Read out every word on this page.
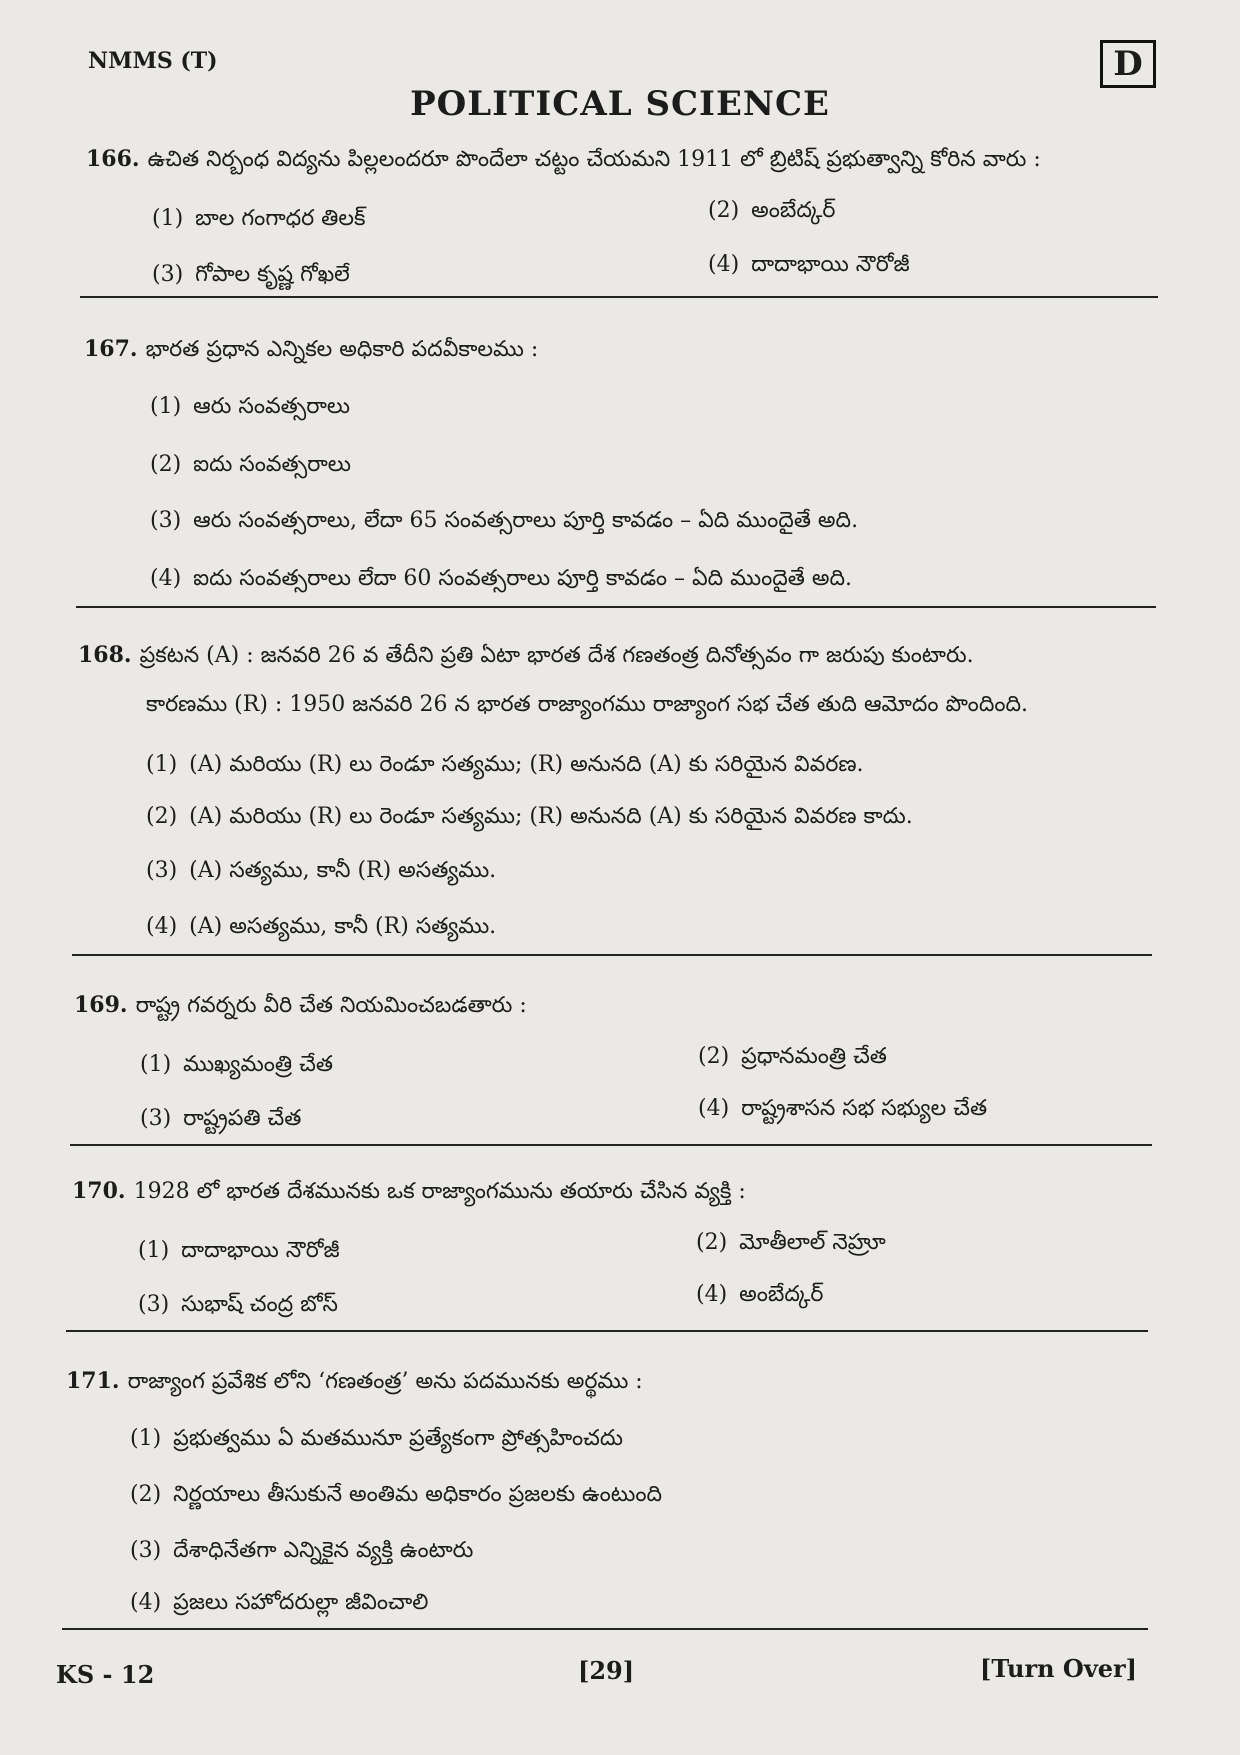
NMMS (T)	D
POLITICAL SCIENCE
166. ఉచిత నిర్బంధ విద్యను పిల్లలందరూ పొందేలా చట్టం చేయమని 1911 లో బ్రిటిష్ ప్రభుత్వాన్ని కోరిన వారు :
(1) బాల గంగాధర తిలక్	(2) అంబేద్కర్
(3) గోపాల కృష్ణ గోఖలే	(4) దాదాభాయి నౌరోజీ
167. భారత ప్రధాన ఎన్నికల అధికారి పదవీకాలము :
(1) ఆరు సంవత్సరాలు
(2) ఐదు సంవత్సరాలు
(3) ఆరు సంవత్సరాలు, లేదా 65 సంవత్సరాలు పూర్తి కావడం – ఏది ముందైతే అది.
(4) ఐదు సంవత్సరాలు లేదా 60 సంవత్సరాలు పూర్తి కావడం – ఏది ముందైతే అది.
168. ప్రకటన (A) : జనవరి 26 వ తేదీని ప్రతి ఏటా భారత దేశ గణతంత్ర దినోత్సవం గా జరుపు కుంటారు.
కారణము (R) : 1950 జనవరి 26 న భారత రాజ్యాంగము రాజ్యాంగ సభ చేత తుది ఆమోదం పొందింది.
(1) (A) మరియు (R) లు రెండూ సత్యము; (R) అనునది (A) కు సరియైన వివరణ.
(2) (A) మరియు (R) లు రెండూ సత్యము; (R) అనునది (A) కు సరియైన వివరణ కాదు.
(3) (A) సత్యము, కానీ (R) అసత్యము.
(4) (A) అసత్యము, కానీ (R) సత్యము.
169. రాష్ట్ర గవర్నరు వీరి చేత నియమించబడతారు :
(1) ముఖ్యమంత్రి చేత	(2) ప్రధానమంత్రి చేత
(3) రాష్ట్రపతి చేత	(4) రాష్ట్రశాసన సభ సభ్యుల చేత
170. 1928 లో భారత దేశమునకు ఒక రాజ్యాంగమును తయారు చేసిన వ్యక్తి :
(1) దాదాభాయి నౌరోజీ	(2) మోతీలాల్ నెహ్రూ
(3) సుభాష్ చంద్ర బోస్	(4) అంబేద్కర్
171. రాజ్యాంగ ప్రవేశిక లోని ‘గణతంత్ర’ అను పదమునకు అర్థము :
(1) ప్రభుత్వము ఏ మతమునూ ప్రత్యేకంగా ప్రోత్సహించదు
(2) నిర్ణయాలు తీసుకునే అంతిమ అధికారం ప్రజలకు ఉంటుంది
(3) దేశాధినేతగా ఎన్నికైన వ్యక్తి ఉంటారు
(4) ప్రజలు సహోదరుల్లా జీవించాలి
KS - 12	[29]	[Turn Over]
